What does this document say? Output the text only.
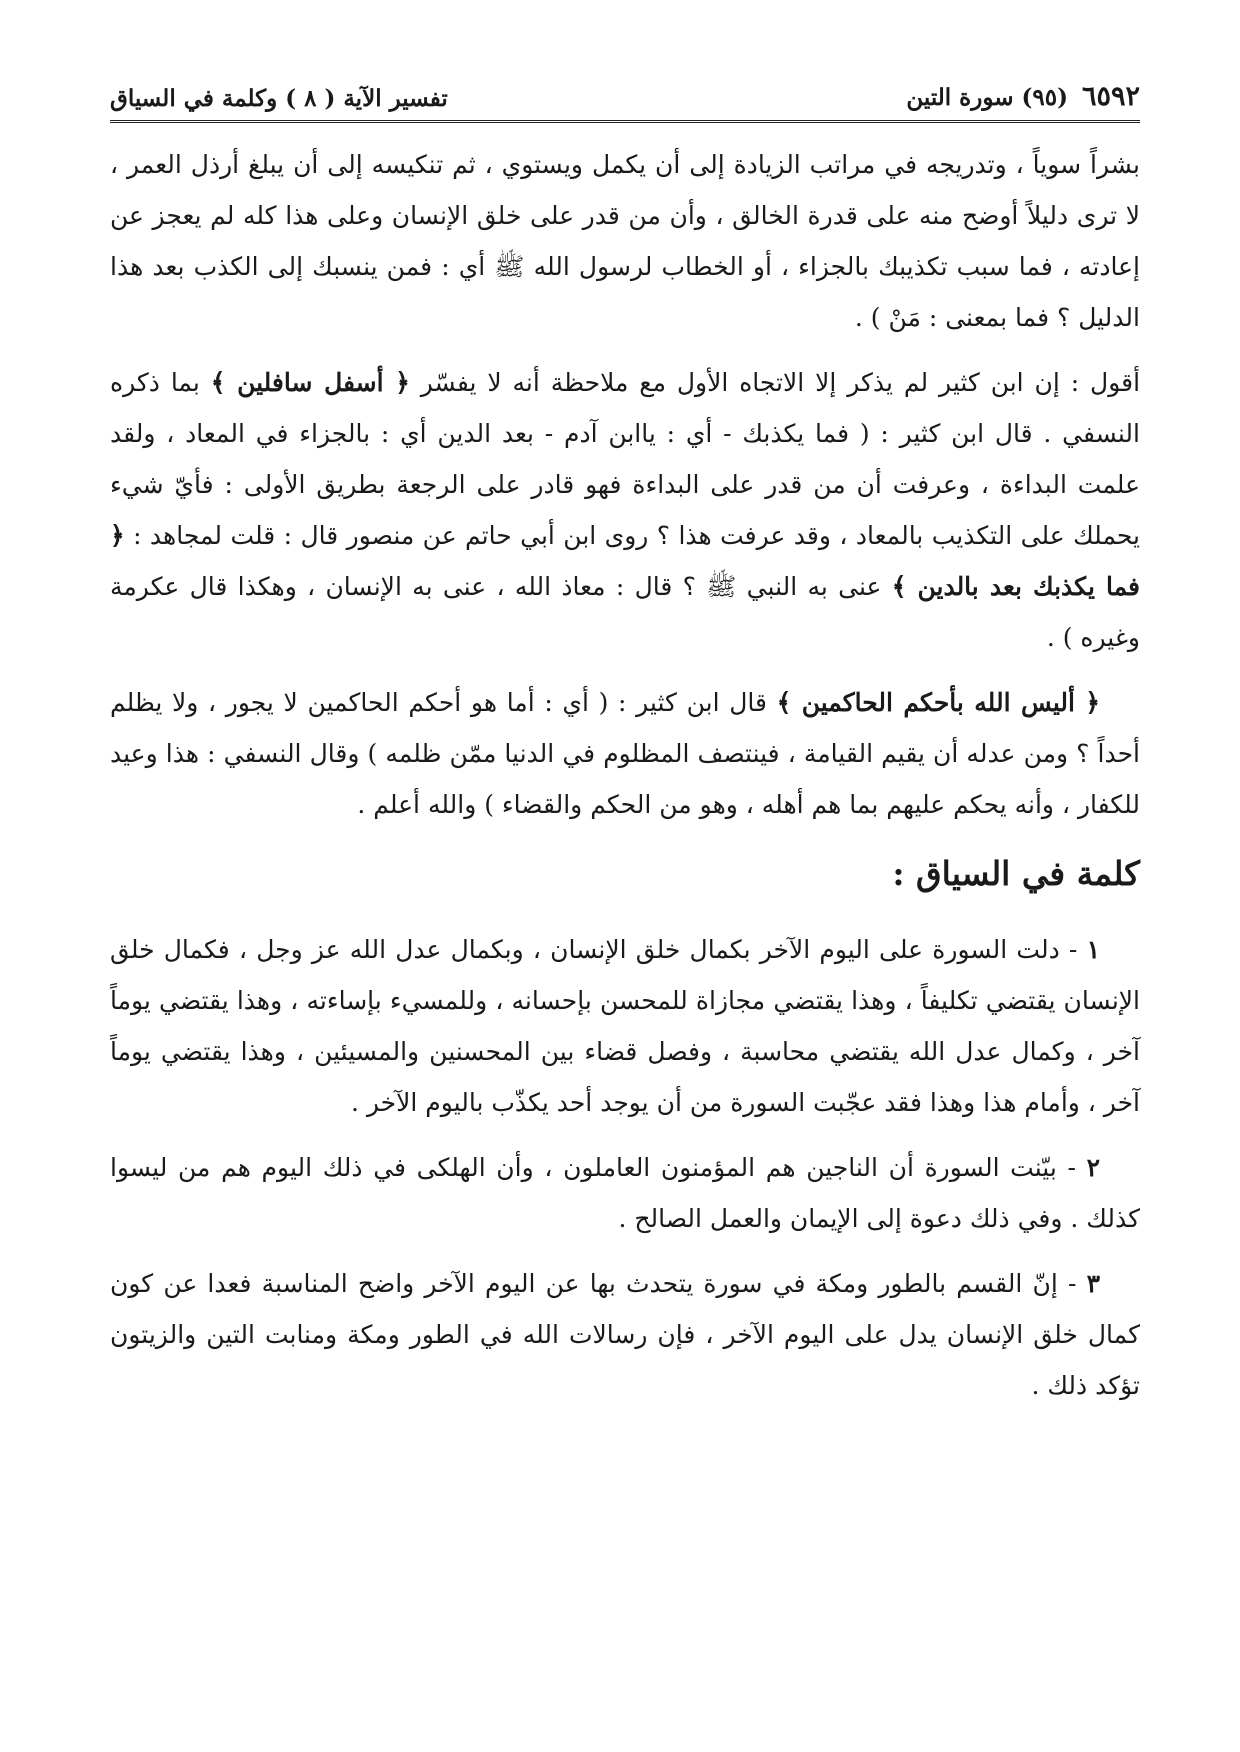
٦٥٩٢
(٩٥) سورة التين
تفسير الآية ( ٨ ) وكلمة في السياق

بشراً سوياً ، وتدريجه في مراتب الزيادة إلى أن يكمل ويستوي ، ثم تنكيسه إلى أن يبلغ أرذل العمر ، لا ترى دليلاً أوضح منه على قدرة الخالق ، وأن من قدر على خلق الإنسان وعلى هذا كله لم يعجز عن إعادته ، فما سبب تكذيبك بالجزاء ، أو الخطاب لرسول الله ﷺ أي : فمن ينسبك إلى الكذب بعد هذا الدليل ؟ فما بمعنى : مَنْ ) .

أقول : إن ابن كثير لم يذكر إلا الاتجاه الأول مع ملاحظة أنه لا يفسّر ﴿ أسفل سافلين ﴾ بما ذكره النسفي . قال ابن كثير : ( فما يكذبك - أي : ياابن آدم - بعد الدين أي : بالجزاء في المعاد ، ولقد علمت البداءة ، وعرفت أن من قدر على البداءة فهو قادر على الرجعة بطريق الأولى : فأيّ شيء يحملك على التكذيب بالمعاد ، وقد عرفت هذا ؟ روى ابن أبي حاتم عن منصور قال : قلت لمجاهد : ﴿ فما يكذبك بعد بالدين ﴾ عنى به النبي ﷺ ؟ قال : معاذ الله ، عنى به الإنسان ، وهكذا قال عكرمة وغيره ) .

﴿ أليس الله بأحكم الحاكمين ﴾ قال ابن كثير : ( أي : أما هو أحكم الحاكمين لا يجور ، ولا يظلم أحداً ؟ ومن عدله أن يقيم القيامة ، فينتصف المظلوم في الدنيا ممّن ظلمه ) وقال النسفي : هذا وعيد للكفار ، وأنه يحكم عليهم بما هم أهله ، وهو من الحكم والقضاء ) والله أعلم .

كلمة في السياق :

١ - دلت السورة على اليوم الآخر بكمال خلق الإنسان ، وبكمال عدل الله عز وجل ، فكمال خلق الإنسان يقتضي تكليفاً ، وهذا يقتضي مجازاة للمحسن بإحسانه ، وللمسيء بإساءته ، وهذا يقتضي يوماً آخر ، وكمال عدل الله يقتضي محاسبة ، وفصل قضاء بين المحسنين والمسيئين ، وهذا يقتضي يوماً آخر ، وأمام هذا وهذا فقد عجّبت السورة من أن يوجد أحد يكذّب باليوم الآخر .

٢ - بيّنت السورة أن الناجين هم المؤمنون العاملون ، وأن الهلكى في ذلك اليوم هم من ليسوا كذلك . وفي ذلك دعوة إلى الإيمان والعمل الصالح .

٣ - إنّ القسم بالطور ومكة في سورة يتحدث بها عن اليوم الآخر واضح المناسبة فعدا عن كون كمال خلق الإنسان يدل على اليوم الآخر ، فإن رسالات الله في الطور ومكة ومنابت التين والزيتون تؤكد ذلك .
